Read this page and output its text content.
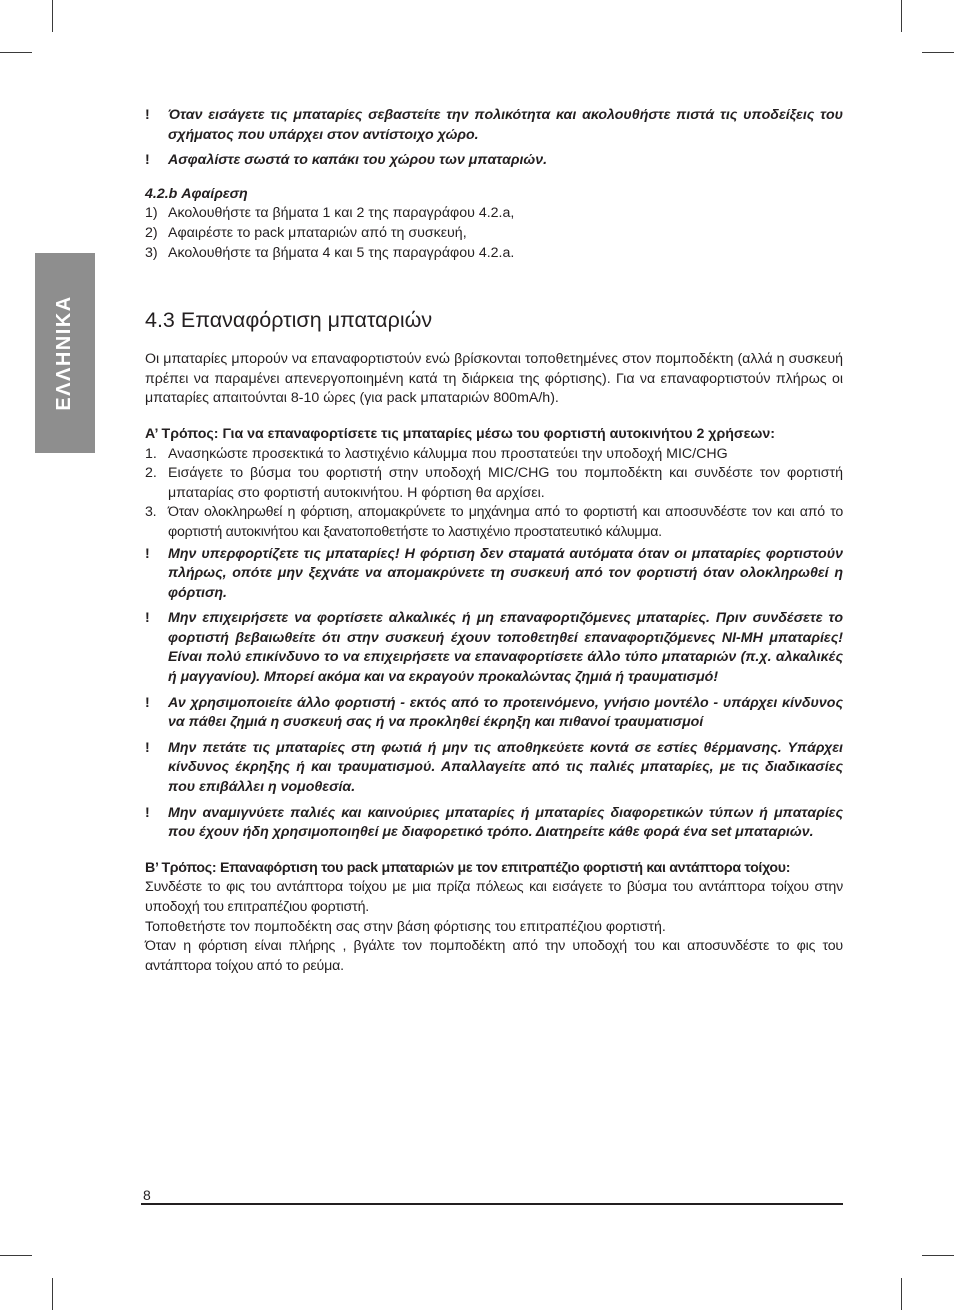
ΕΛΛΗΝΙΚΑ
! Όταν εισάγετε τις μπαταρίες σεβαστείτε την πολικότητα και ακολουθήστε πιστά τις υποδείξεις του σχήματος που υπάρχει στον αντίστοιχο χώρο.
! Ασφαλίστε σωστά το καπάκι του χώρου των μπαταριών.
4.2.b Αφαίρεση
1) Ακολουθήστε τα βήματα 1 και 2 της παραγράφου 4.2.a,
2) Αφαιρέστε το pack μπαταριών από τη συσκευή,
3) Ακολουθήστε τα βήματα 4 και 5 της παραγράφου 4.2.a.
4.3 Επαναφόρτιση μπαταριών

Οι μπαταρίες μπορούν να επαναφορτιστούν ενώ βρίσκονται τοποθετημένες στον πομποδέκτη (αλλά η συσκευή πρέπει να παραμένει απενεργοποιημένη κατά τη διάρκεια της φόρτισης). Για να επαναφορτιστούν πλήρως οι μπαταρίες απαιτούνται 8-10 ώρες (για pack μπαταριών 800mA/h).

Α’ Τρόπος: Για να επαναφορτίσετε τις μπαταρίες μέσω του φορτιστή αυτοκινήτου 2 χρήσεων:

1. Ανασηκώστε προσεκτικά το λαστιχένιο κάλυμμα που προστατεύει την υποδοχή MIC/CHG
2. Εισάγετε το βύσμα του φορτιστή στην υποδοχή MIC/CHG του πομποδέκτη και συνδέστε τον φορτιστή μπαταρίας στο φορτιστή αυτοκινήτου. Η φόρτιση θα αρχίσει.
3. Όταν ολοκληρωθεί η φόρτιση, απομακρύνετε το μηχάνημα από το φορτιστή και αποσυνδέστε τον και από το φορτιστή αυτοκινήτου και ξανατοποθετήστε το λαστιχένιο προστατευτικό κάλυμμα.
! Μην υπερφορτίζετε τις μπαταρίες! Η φόρτιση δεν σταματά αυτόματα όταν οι μπαταρίες φορτιστούν πλήρως, οπότε μην ξεχνάτε να απομακρύνετε τη συσκευή από τον φορτιστή όταν ολοκληρωθεί η φόρτιση.
! Μην επιχειρήσετε να φορτίσετε αλκαλικές ή μη επαναφορτιζόμενες μπαταρίες. Πριν συνδέσετε το φορτιστή βεβαιωθείτε ότι στην συσκευή έχουν τοποθετηθεί επαναφορτιζόμενες NI-MH μπαταρίες! Είναι πολύ επικίνδυνο το να επιχειρήσετε να επαναφορτίσετε άλλο τύπο μπαταριών (π.χ. αλκαλικές ή μαγγανίου). Μπορεί ακόμα και να εκραγούν προκαλώντας ζημιά ή τραυματισμό!
! Αν χρησιμοποιείτε άλλο φορτιστή - εκτός από το προτεινόμενο, γνήσιο μοντέλο - υπάρχει κίνδυνος να πάθει ζημιά η συσκευή σας ή να προκληθεί έκρηξη και πιθανοί τραυματισμοί
! Μην πετάτε τις μπαταρίες στη φωτιά ή μην τις αποθηκεύετε κοντά σε εστίες θέρμανσης. Υπάρχει κίνδυνος έκρηξης ή και τραυματισμού. Απαλλαγείτε από τις παλιές μπαταρίες, με τις διαδικασίες που επιβάλλει η νομοθεσία.
! Μην αναμιγνύετε παλιές και καινούριες μπαταρίες ή μπαταρίες διαφορετικών τύπων ή μπαταρίες που έχουν ήδη χρησιμοποιηθεί με διαφορετικό τρόπο. Διατηρείτε κάθε φορά ένα set μπαταριών.

Β’ Τρόπος: Επαναφόρτιση του pack μπαταριών με τον επιτραπέζιο φορτιστή και αντάπτορα τοίχου:

Συνδέστε το φις του αντάπτορα τοίχου με μια πρίζα πόλεως και εισάγετε το βύσμα του αντάπτορα τοίχου στην υποδοχή του επιτραπέζιου φορτιστή.

Τοποθετήστε τον πομποδέκτη σας στην βάση φόρτισης του επιτραπέζιου φορτιστή.

Όταν η φόρτιση είναι πλήρης , βγάλτε τον πομποδέκτη από την υποδοχή του και αποσυνδέστε το φις του αντάπτορα τοίχου από το ρεύμα.

8
